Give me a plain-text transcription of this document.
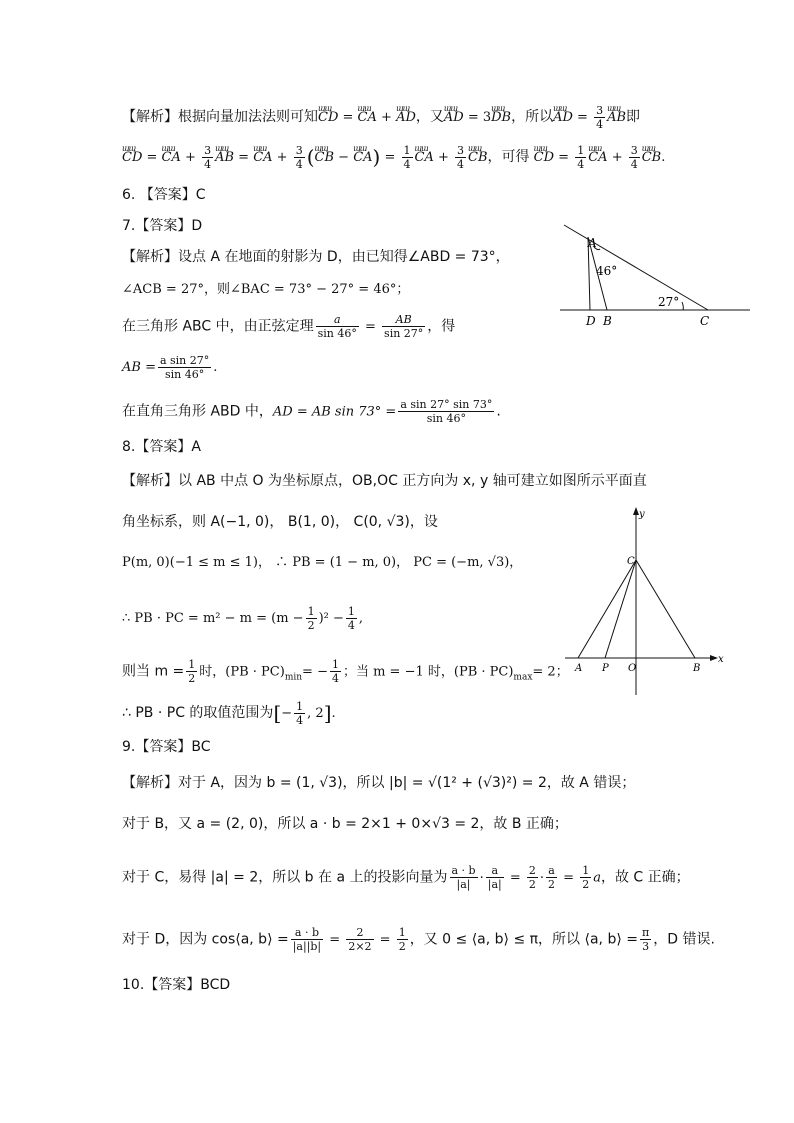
【解析】根据向量加法法则可知ɯɯ CD = ɯɯ CA + ɯɯ AD，又ɯɯ AD = 3ɯɯ DB，所以ɯɯ AD = $\frac{3}{4}$ ɯɯ AB即
ɯɯ CD = ɯɯ CA + $\frac{3}{4}$ ɯɯ AB = ɯɯ CA + $\frac{3}{4}$ (ɯɯ CB − ɯɯ $CA) = \frac{1}{4}$ ɯɯ CA + $\frac{3}{4}$ ɯɯ CB，可得 ɯɯ CD = $\frac{1}{4}$ ɯɯ CA + $\frac{3}{4}$ ɯɯ CB.
6. 【答案】C
7.【答案】D
【解析】设点 A 在地面的射影为 D，由已知得∠ABD = 73°，
∠ACB = 27°，则∠BAC = 73° − 27° = 46°；
在三角形 ABC 中，由正弦定理 $\frac{a}{\sin 46^\circ} = \frac{AB}{\sin 27^\circ}$ ，得
AB = $\frac{\text{a sin 27°}}{\sin 46^\circ}$ .
在直角三角形 ABD 中，AD = AB $\sin 73^\circ = \frac{\text{a sin 27° sin 73°}}{\sin 46^\circ}$ .
A
46°
27°
D B	C
8.【答案】A
【解析】以 AB 中点 O 为坐标原点，OB,OC 正方向为 x, y 轴可建立如图所示平面直
角坐标系，则 A(−1, 0)， B(1, 0)， C(0, √3)，设
P(m, 0)(−1 ≤ m ≤ 1)， ∴ PB = (1 − m, 0)， PC = (−m, √3)，
∴ PB · PC = $m^2 - m = (m - \frac{1}{2} )^2 - \frac{1}{4}$ ,
则当 $m = \frac{1}{2}$ 时，$(PB \cdot PC)_{min}= - \frac{1}{4}$ ；当 m = −1 时，$(PB \cdot PC)_{max}= 2$；
∴ PB · PC 的取值范围为[− $\frac{1}{4}$ , 2].
y
C
A P O	B
x
9.【答案】BC
【解析】对于 A，因为 b = (1, √3)，所以 |b| = √(1² + (√3)²) = 2，故 A 错误；
对于 B，又 a = (2, 0)，所以 a · b = 2×1 + 0×√3 = 2，故 B 正确；
对于 C，易得 |a| = 2，所以 b 在 a 上的投影向量为 $\frac{a \cdot b}{|a|} \cdot \frac{a}{|a|} = \frac{2}{2} \cdot \frac{a}{2} = \frac{1}{2}$ a，故 C 正确；
对于 D，因为 cos⟨a, b⟩ = $\frac{a \cdot b}{|a||b|} = \frac{2}{2\times 2} = \frac{1}{2}$ ，又 0 ≤ ⟨a, b⟩ ≤ π，所以 ⟨a, b⟩ = $\frac{\pi}{3}$ ，D 错误.
10.【答案】BCD
